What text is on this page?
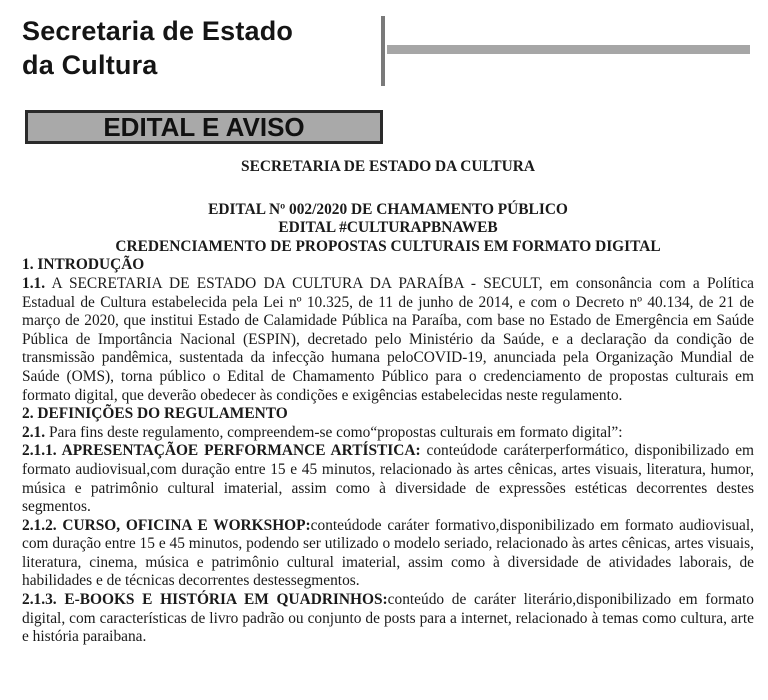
Secretaria de Estado
da Cultura
EDITAL E AVISO
SECRETARIA DE ESTADO DA CULTURA
EDITAL Nº 002/2020 DE CHAMAMENTO PÚBLICO
EDITAL #CULTURAPBNAWEB
CREDENCIAMENTO DE PROPOSTAS CULTURAIS EM FORMATO DIGITAL
1. INTRODUÇÃO
1.1. A SECRETARIA DE ESTADO DA CULTURA DA PARAÍBA - SECULT, em consonância com a Política Estadual de Cultura estabelecida pela Lei nº 10.325, de 11 de junho de 2014, e com o Decreto nº 40.134, de 21 de março de 2020, que institui Estado de Calamidade Pública na Paraíba, com base no Estado de Emergência em Saúde Pública de Importância Nacional (ESPIN), decretado pelo Ministério da Saúde, e a declaração da condição de transmissão pandêmica, sustentada da infecção humana peloCOVID-19, anunciada pela Organização Mundial de Saúde (OMS), torna público o Edital de Chamamento Público para o credenciamento de propostas culturais em formato digital, que deverão obedecer às condições e exigências estabelecidas neste regulamento.
2. DEFINIÇÕES DO REGULAMENTO
2.1. Para fins deste regulamento, compreendem-se como“propostas culturais em formato digital”:
2.1.1. APRESENTAÇÃOE PERFORMANCE ARTÍSTICA: conteúdode caráterperformático, disponibilizado em formato audiovisual,com duração entre 15 e 45 minutos, relacionado às artes cênicas, artes visuais, literatura, humor, música e patrimônio cultural imaterial, assim como à diversidade de expressões estéticas decorrentes destes segmentos.
2.1.2. CURSO, OFICINA E WORKSHOP:conteúdode caráter formativo,disponibilizado em formato audiovisual, com duração entre 15 e 45 minutos, podendo ser utilizado o modelo seriado, relacionado às artes cênicas, artes visuais, literatura, cinema, música e patrimônio cultural imaterial, assim como à diversidade de atividades laborais, de habilidades e de técnicas decorrentes destessegmentos.
2.1.3. E-BOOKS E HISTÓRIA EM QUADRINHOS:conteúdo de caráter literário,disponibilizado em formato digital, com características de livro padrão ou conjunto de posts para a internet, relacionado à temas como cultura, arte e história paraibana.
